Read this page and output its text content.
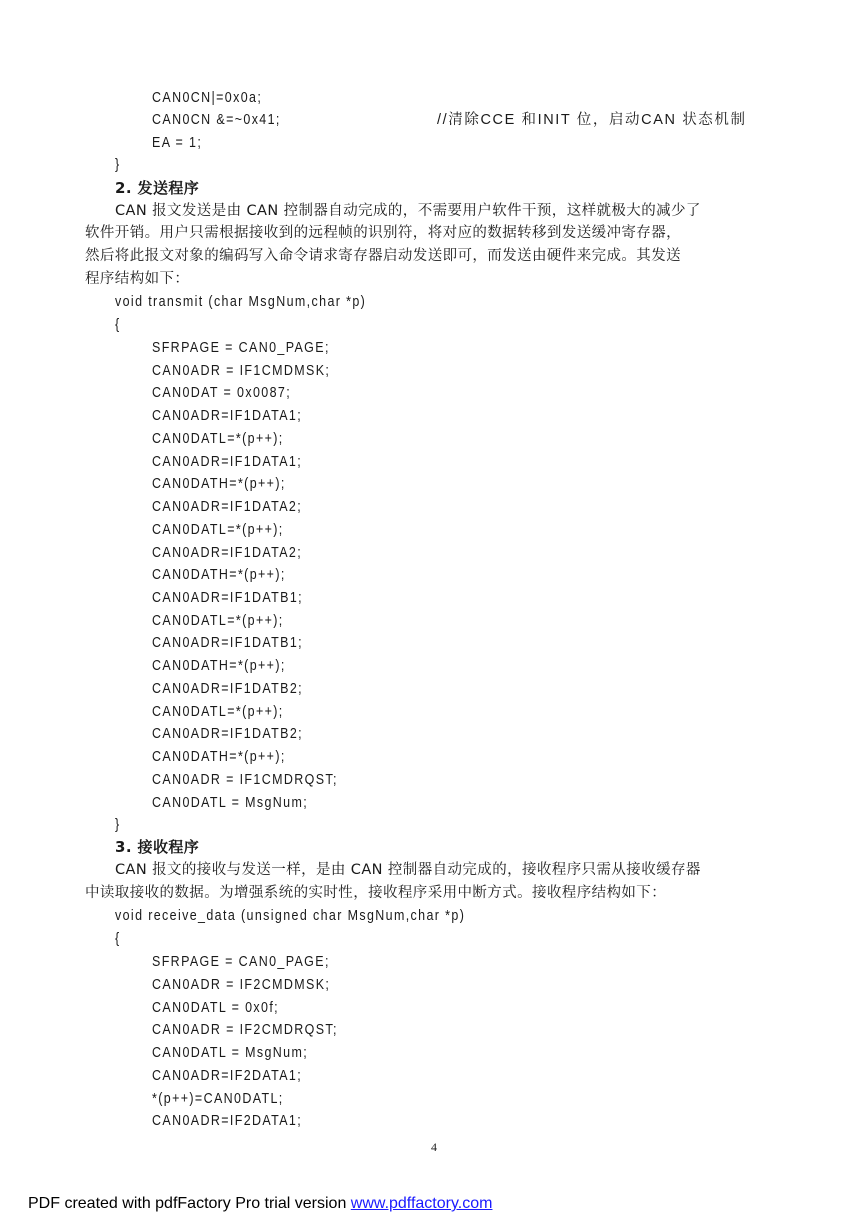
CAN0CN|=0x0a;
CAN0CN &=~0x41;	//清除CCE 和INIT 位，启动CAN 状态机制
EA = 1;
}
2. 发送程序
CAN 报文发送是由 CAN 控制器自动完成的，不需要用户软件干预，这样就极大的减少了
软件开销。用户只需根据接收到的远程帧的识别符，将对应的数据转移到发送缓冲寄存器，
然后将此报文对象的编码写入命令请求寄存器启动发送即可，而发送由硬件来完成。其发送
程序结构如下：
void transmit (char MsgNum,char *p)
{
SFRPAGE = CAN0_PAGE;
CAN0ADR = IF1CMDMSK;
CAN0DAT = 0x0087;
CAN0ADR=IF1DATA1;
CAN0DATL=*(p++);
CAN0ADR=IF1DATA1;
CAN0DATH=*(p++);
CAN0ADR=IF1DATA2;
CAN0DATL=*(p++);
CAN0ADR=IF1DATA2;
CAN0DATH=*(p++);
CAN0ADR=IF1DATB1;
CAN0DATL=*(p++);
CAN0ADR=IF1DATB1;
CAN0DATH=*(p++);
CAN0ADR=IF1DATB2;
CAN0DATL=*(p++);
CAN0ADR=IF1DATB2;
CAN0DATH=*(p++);
CAN0ADR = IF1CMDRQST;
CAN0DATL = MsgNum;
}
3. 接收程序
CAN 报文的接收与发送一样，是由 CAN 控制器自动完成的，接收程序只需从接收缓存器
中读取接收的数据。为增强系统的实时性，接收程序采用中断方式。接收程序结构如下：
void receive_data (unsigned char MsgNum,char *p)
{
SFRPAGE = CAN0_PAGE;
CAN0ADR = IF2CMDMSK;
CAN0DATL = 0x0f;
CAN0ADR = IF2CMDRQST;
CAN0DATL = MsgNum;
CAN0ADR=IF2DATA1;
*(p++)=CAN0DATL;
CAN0ADR=IF2DATA1;
4
PDF created with pdfFactory Pro trial version www.pdffactory.com
